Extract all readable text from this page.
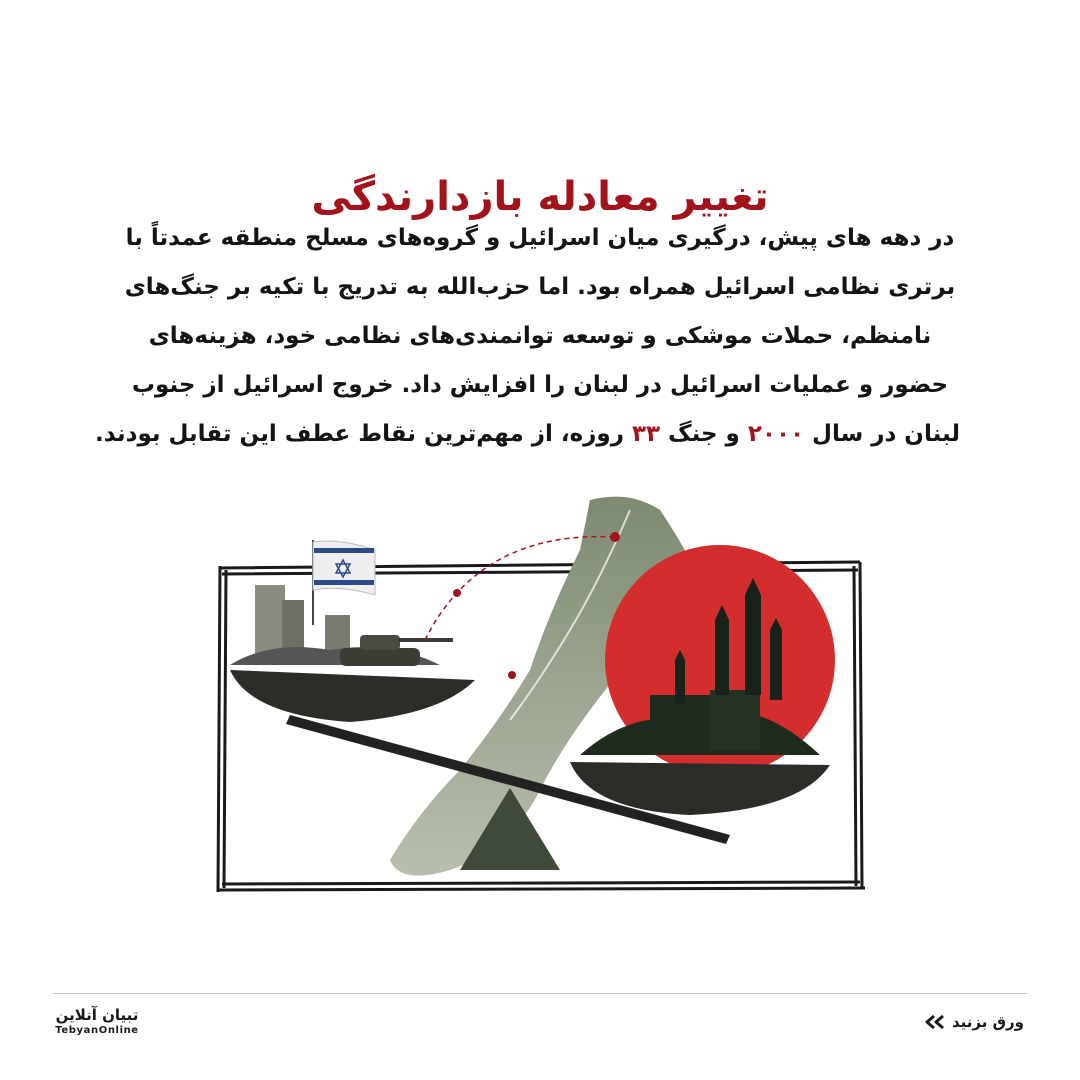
تغییر معادله بازدارندگی
در دهه های پیش، درگیری میان اسرائیل و گروه‌های مسلح منطقه عمدتاً با
برتری نظامی اسرائیل همراه بود. اما حزب‌الله به تدریج با تکیه بر جنگ‌های
نامنظم، حملات موشکی و توسعه توانمندی‌های نظامی خود، هزینه‌های
حضور و عملیات اسرائیل در لبنان را افزایش داد. خروج اسرائیل از جنوب
لبنان در سال ۲۰۰۰ و جنگ ۳۳ روزه، از مهم‌ترین نقاط عطف این تقابل بودند.
تبیان آنلاین
TebyanOnline	ورق بزنید
